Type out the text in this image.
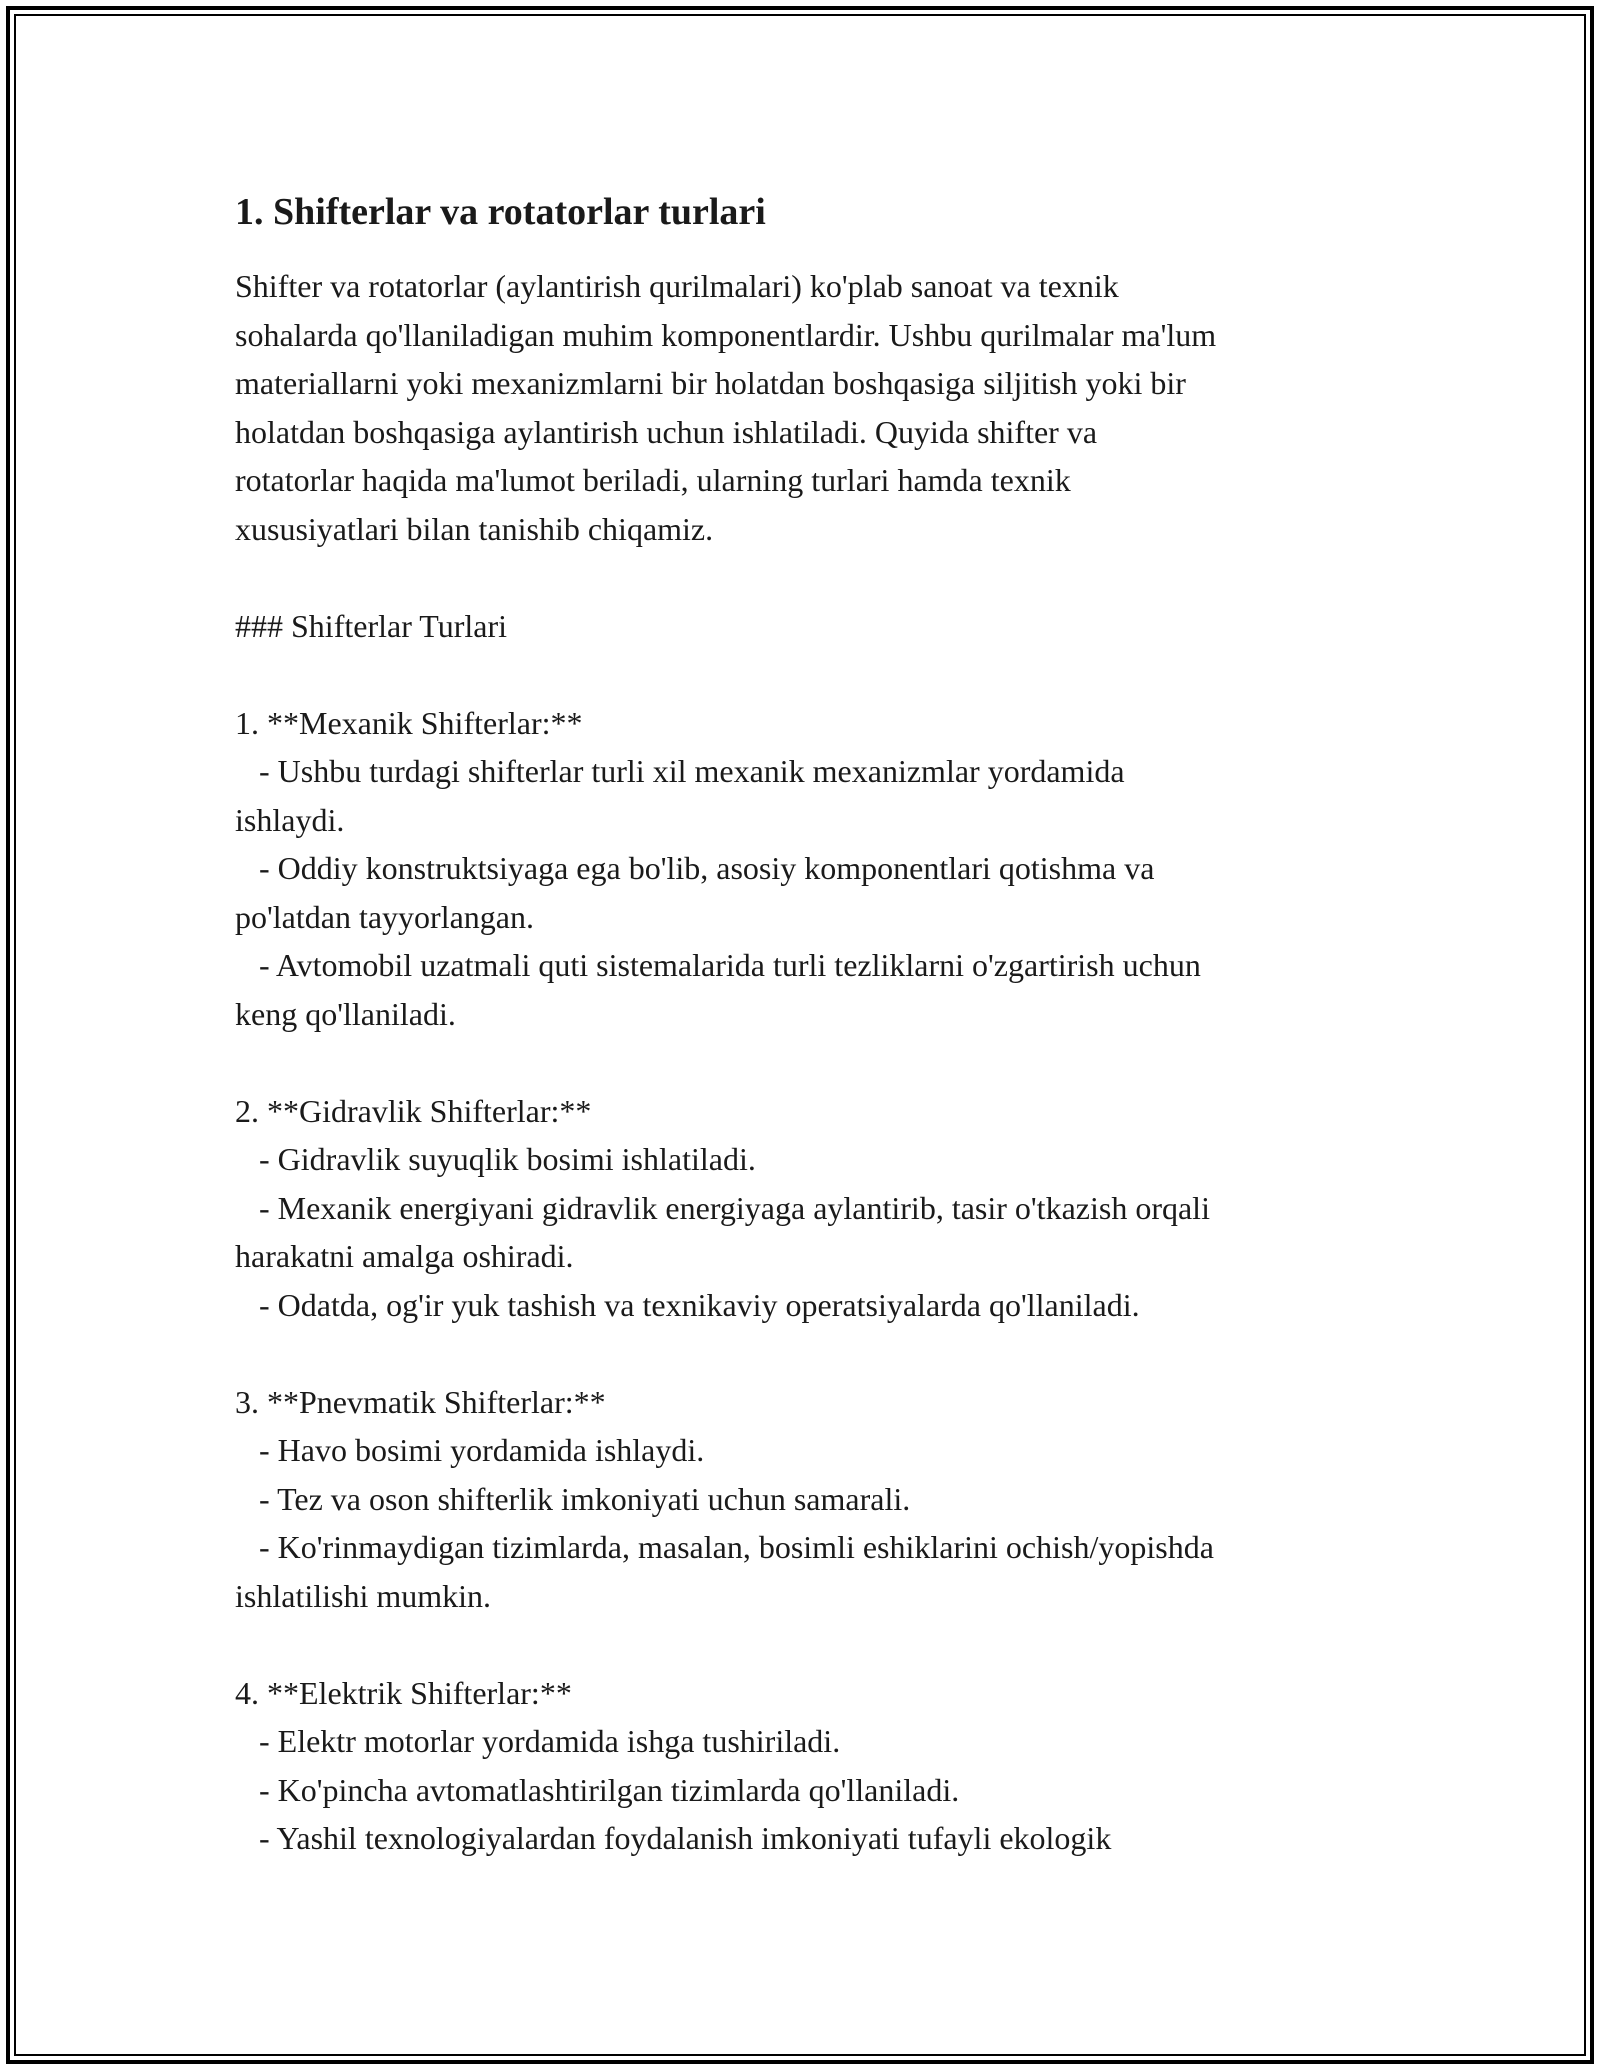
1. Shifterlar va rotatorlar turlari
Shifter va rotatorlar (aylantirish qurilmalari) ko'plab sanoat va texnik
sohalarda qo'llaniladigan muhim komponentlardir. Ushbu qurilmalar ma'lum
materiallarni yoki mexanizmlarni bir holatdan boshqasiga siljitish yoki bir
holatdan boshqasiga aylantirish uchun ishlatiladi. Quyida shifter va
rotatorlar haqida ma'lumot beriladi, ularning turlari hamda texnik
xususiyatlari bilan tanishib chiqamiz.
### Shifterlar Turlari
1. **Mexanik Shifterlar:**
- Ushbu turdagi shifterlar turli xil mexanik mexanizmlar yordamida
ishlaydi.
- Oddiy konstruktsiyaga ega bo'lib, asosiy komponentlari qotishma va
po'latdan tayyorlangan.
- Avtomobil uzatmali quti sistemalarida turli tezliklarni o'zgartirish uchun
keng qo'llaniladi.
2. **Gidravlik Shifterlar:**
- Gidravlik suyuqlik bosimi ishlatiladi.
- Mexanik energiyani gidravlik energiyaga aylantirib, tasir o'tkazish orqali
harakatni amalga oshiradi.
- Odatda, og'ir yuk tashish va texnikaviy operatsiyalarda qo'llaniladi.
3. **Pnevmatik Shifterlar:**
- Havo bosimi yordamida ishlaydi.
- Tez va oson shifterlik imkoniyati uchun samarali.
- Ko'rinmaydigan tizimlarda, masalan, bosimli eshiklarini ochish/yopishda
ishlatilishi mumkin.
4. **Elektrik Shifterlar:**
- Elektr motorlar yordamida ishga tushiriladi.
- Ko'pincha avtomatlashtirilgan tizimlarda qo'llaniladi.
- Yashil texnologiyalardan foydalanish imkoniyati tufayli ekologik
